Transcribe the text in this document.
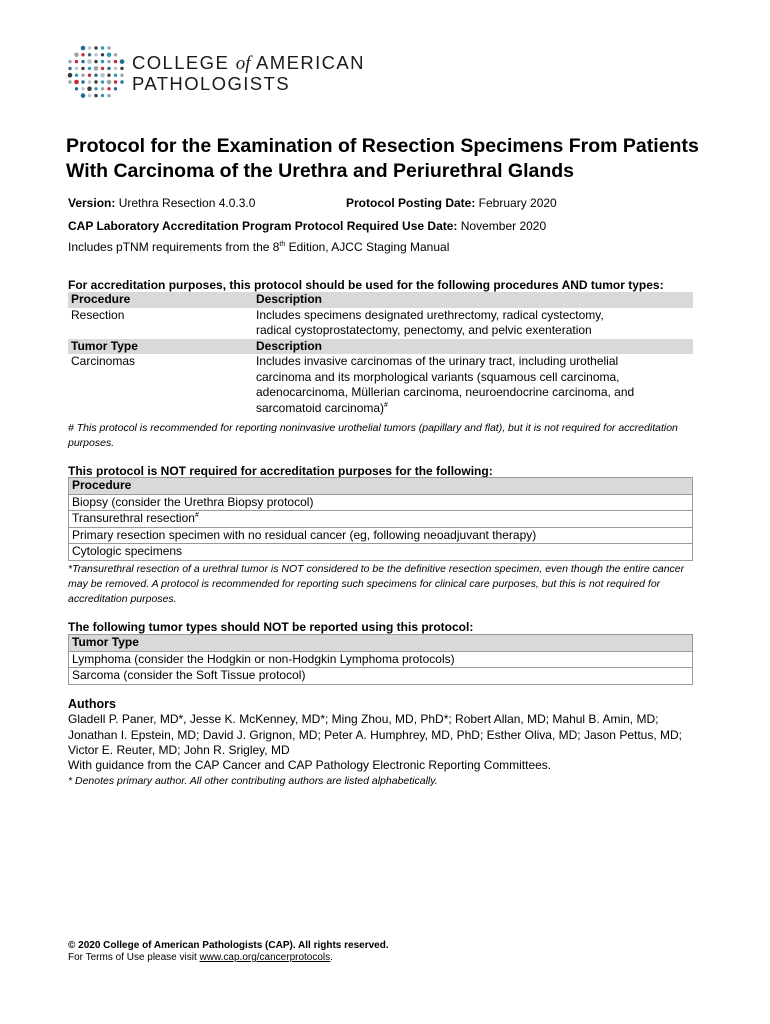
COLLEGE of AMERICAN
PATHOLOGISTS
Protocol for the Examination of Resection Specimens From Patients With Carcinoma of the Urethra and Periurethral Glands
Version: Urethra Resection 4.0.3.0	Protocol Posting Date: February 2020
CAP Laboratory Accreditation Program Protocol Required Use Date: November 2020
Includes pTNM requirements from the 8th Edition, AJCC Staging Manual
For accreditation purposes, this protocol should be used for the following procedures AND tumor types:
Procedure	Description
Resection	Includes specimens designated urethrectomy, radical cystectomy,
radical cystoprostatectomy, penectomy, and pelvic exenteration

Tumor Type	Description
Carcinomas	Includes invasive carcinomas of the urinary tract, including urothelial
carcinoma and its morphological variants (squamous cell carcinoma,
adenocarcinoma, Müllerian carcinoma, neuroendocrine carcinoma, and
sarcomatoid carcinoma)#
# This protocol is recommended for reporting noninvasive urothelial tumors (papillary and flat), but it is not required for accreditation purposes.
This protocol is NOT required for accreditation purposes for the following:
Procedure
Biopsy (consider the Urethra Biopsy protocol)
Transurethral resection#
Primary resection specimen with no residual cancer (eg, following neoadjuvant therapy)
Cytologic specimens
*Transurethral resection of a urethral tumor is NOT considered to be the definitive resection specimen, even though the entire cancer may be removed. A protocol is recommended for reporting such specimens for clinical care purposes, but this is not required for accreditation purposes.
The following tumor types should NOT be reported using this protocol:
Tumor Type
Lymphoma (consider the Hodgkin or non-Hodgkin Lymphoma protocols)
Sarcoma (consider the Soft Tissue protocol)
Authors
Gladell P. Paner, MD*, Jesse K. McKenney, MD*; Ming Zhou, MD, PhD*; Robert Allan, MD; Mahul B. Amin, MD; Jonathan I. Epstein, MD; David J. Grignon, MD; Peter A. Humphrey, MD, PhD; Esther Oliva, MD; Jason Pettus, MD; Victor E. Reuter, MD; John R. Srigley, MD
With guidance from the CAP Cancer and CAP Pathology Electronic Reporting Committees.
* Denotes primary author. All other contributing authors are listed alphabetically.
© 2020 College of American Pathologists (CAP). All rights reserved.
For Terms of Use please visit www.cap.org/cancerprotocols.
